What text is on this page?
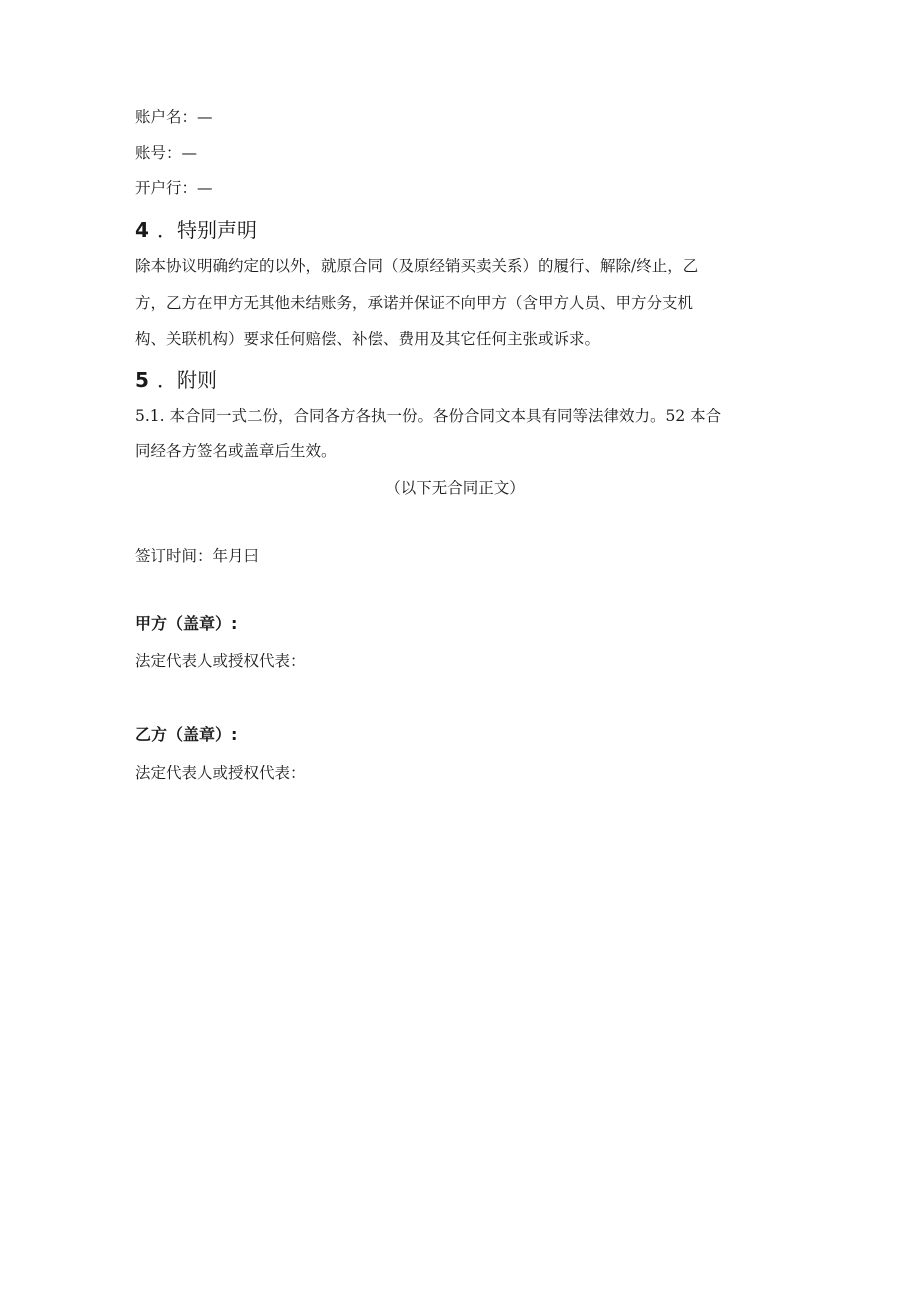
账户名：—
账号：—
开户行：—
4 ．特别声明
除本协议明确约定的以外，就原合同（及原经销买卖关系）的履行、解除/终止，乙
方，乙方在甲方无其他未结账务，承诺并保证不向甲方（含甲方人员、甲方分支机
构、关联机构）要求任何赔偿、补偿、费用及其它任何主张或诉求。
5 ．附则
5.1. 本合同一式二份，合同各方各执一份。各份合同文本具有同等法律效力。52 本合
同经各方签名或盖章后生效。
（以下无合同正文）
签订时间：年月曰
甲方（盖章）:
法定代表人或授权代表：
乙方（盖章）:
法定代表人或授权代表：
